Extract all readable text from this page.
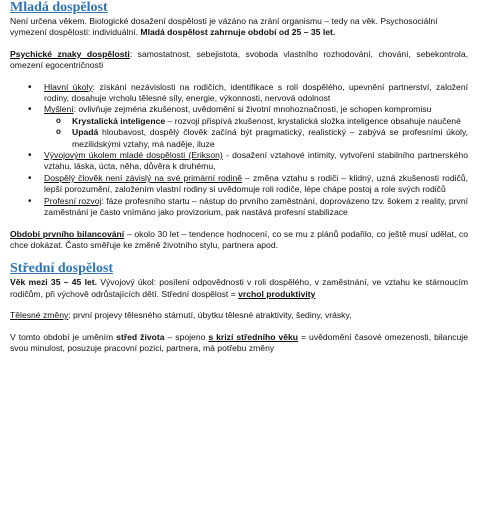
Mladá dospělost

Není určena věkem. Biologické dosažení dospělosti je vázáno na zrání organismu – tedy na věk. Psychosociální vymezení dospělosti: individuální. Mladá dospělost zahrnuje období od 25 – 35 let.

Psychické znaky dospělosti: samostatnost, sebejistota, svoboda vlastního rozhodování, chování, sebekontrola, omezení egocentričnosti

• Hlavní úkoly: získání nezávislosti na rodičích, identifikace s rolí dospělého, upevnění partnerství, založení rodiny, dosahuje vrcholu tělesné síly, energie, výkonnosti, nervová odolnost
• Myšlení: ovlivňuje zejména zkušenost, uvědomění si životní mnohoznačnosti, je schopen kompromisu
o Krystalická inteligence – rozvoji přispívá zkušenost, krystalická složka inteligence obsahuje naučené
o Upadá hloubavost, dospělý člověk začíná být pragmatický, realistický – zabývá se profesními úkoly, mezilidskými vztahy, má naděje, iluze
• Vývojovým úkolem mladé dospělosti (Erikson) - dosažení vztahové intimity, vytvoření stabilního partnerského vztahu, láska, úcta, něha, důvěra k druhému,
• Dospělý člověk není závislý na své primární rodině – změna vztahu s rodiči – klidný, uzná zkušenosti rodičů, lepší porozumění, založením vlastní rodiny si uvědomuje roli rodiče, lépe chápe postoj a role svých rodičů
• Profesní rozvoj: fáze profesního startu – nástup do prvního zaměstnání, doprovázeno tzv. šokem z reality, první zaměstnání je často vnímáno jako provizorium, pak nastává profesní stabilizace

Období prvního bilancování – okolo 30 let – tendence hodnocení, co se mu z plánů podařilo, co ještě musí udělat, co chce dokázat. Často směřuje ke změně životního stylu, partnera apod.

Střední dospělost

Věk mezi 35 – 45 let. Vývojový úkol: posílení odpovědnosti v roli dospělého, v zaměstnání, ve vztahu ke stárnoucím rodičům, při výchově odrůstajících dětí. Střední dospělost = vrchol produktivity

Tělesné změny: první projevy tělesného stárnutí, úbytku tělesné atraktivity, šediny, vrásky,

V tomto období je uměním střed života – spojeno s krizí středního věku = uvědomění časové omezenosti, bilancuje svou minulost, posuzuje pracovní pozici, partnera, má potřebu změny
